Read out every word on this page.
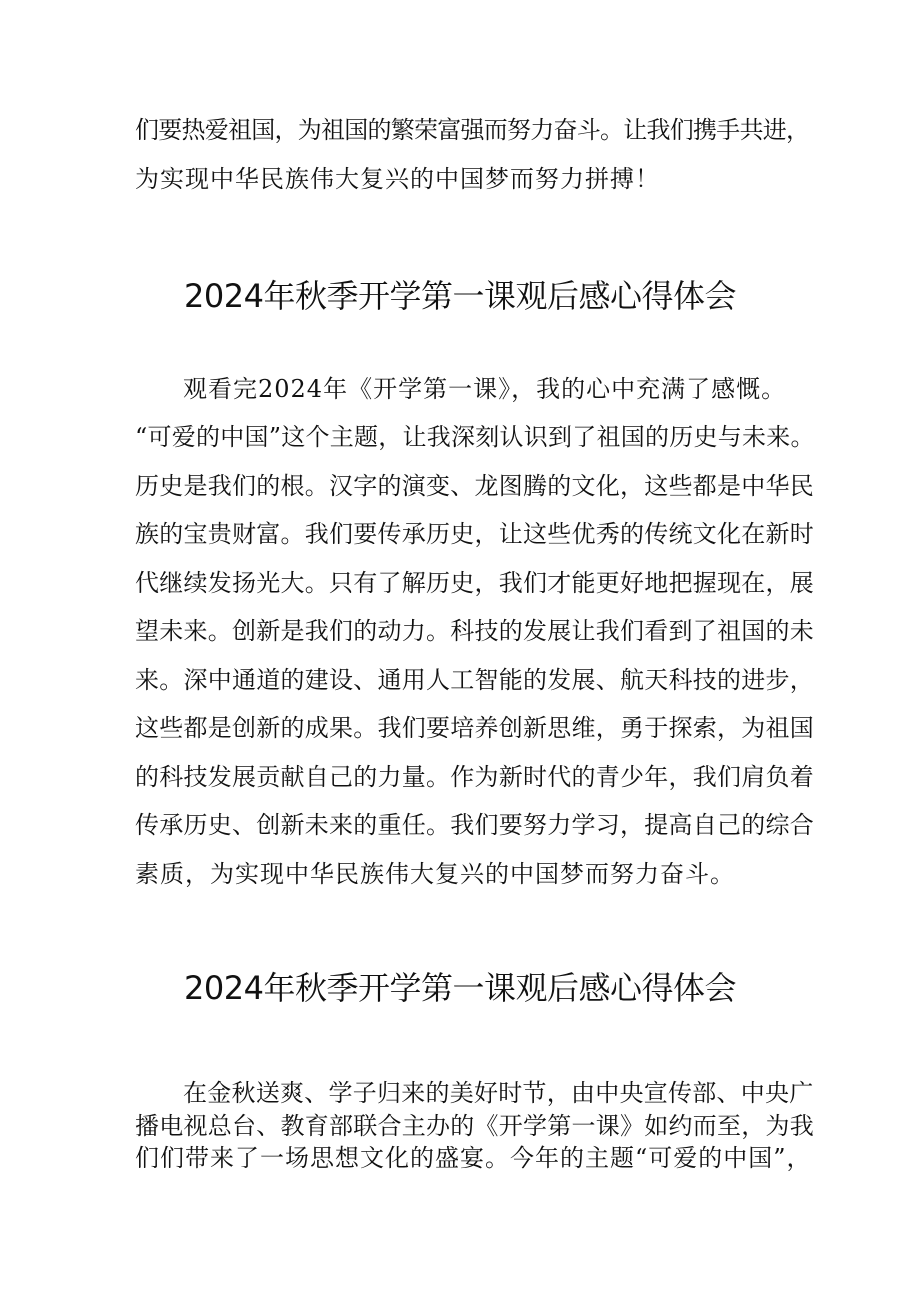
们要热爱祖国，为祖国的繁荣富强而努力奋斗。让我们携手共进，
为实现中华民族伟大复兴的中国梦而努力拼搏！
2024年秋季开学第一课观后感心得体会
观看完2024年《开学第一课》，我的心中充满了感慨。
“可爱的中国”这个主题，让我深刻认识到了祖国的历史与未来。
历史是我们的根。汉字的演变、龙图腾的文化，这些都是中华民
族的宝贵财富。我们要传承历史，让这些优秀的传统文化在新时
代继续发扬光大。只有了解历史，我们才能更好地把握现在，展
望未来。创新是我们的动力。科技的发展让我们看到了祖国的未
来。深中通道的建设、通用人工智能的发展、航天科技的进步，
这些都是创新的成果。我们要培养创新思维，勇于探索，为祖国
的科技发展贡献自己的力量。作为新时代的青少年，我们肩负着
传承历史、创新未来的重任。我们要努力学习，提高自己的综合
素质，为实现中华民族伟大复兴的中国梦而努力奋斗。
2024年秋季开学第一课观后感心得体会
在金秋送爽、学子归来的美好时节，由中央宣传部、中央广
播电视总台、教育部联合主办的《开学第一课》如约而至，为我
们们带来了一场思想文化的盛宴。今年的主题“可爱的中国”，
